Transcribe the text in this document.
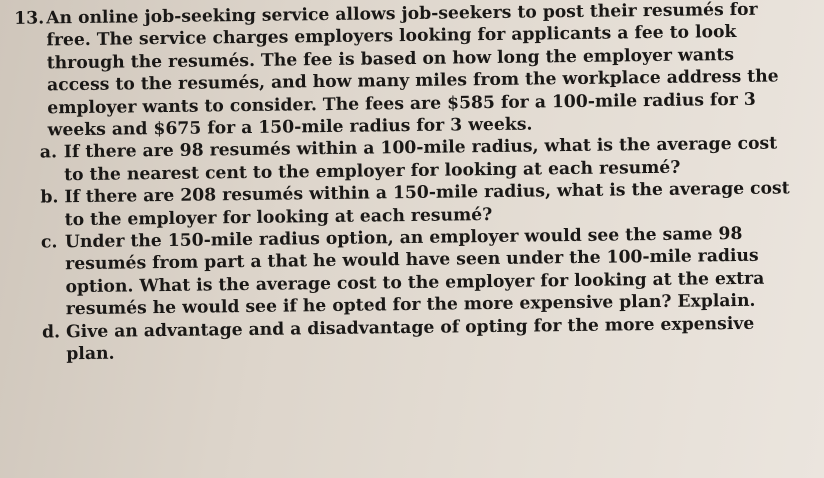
13. An online job-seeking service allows job-seekers to post their resumés for free. The service charges employers looking for applicants a fee to look through the resumés. The fee is based on how long the employer wants access to the resumés, and how many miles from the workplace address the employer wants to consider. The fees are $585 for a 100-mile radius for 3 weeks and $675 for a 150-mile radius for 3 weeks.
a. If there are 98 resumés within a 100-mile radius, what is the average cost to the nearest cent to the employer for looking at each resumé?
b. If there are 208 resumés within a 150-mile radius, what is the average cost to the employer for looking at each resumé?
c. Under the 150-mile radius option, an employer would see the same 98 resumés from part a that he would have seen under the 100-mile radius option. What is the average cost to the employer for looking at the extra resumés he would see if he opted for the more expensive plan? Explain.
d. Give an advantage and a disadvantage of opting for the more expensive plan.
